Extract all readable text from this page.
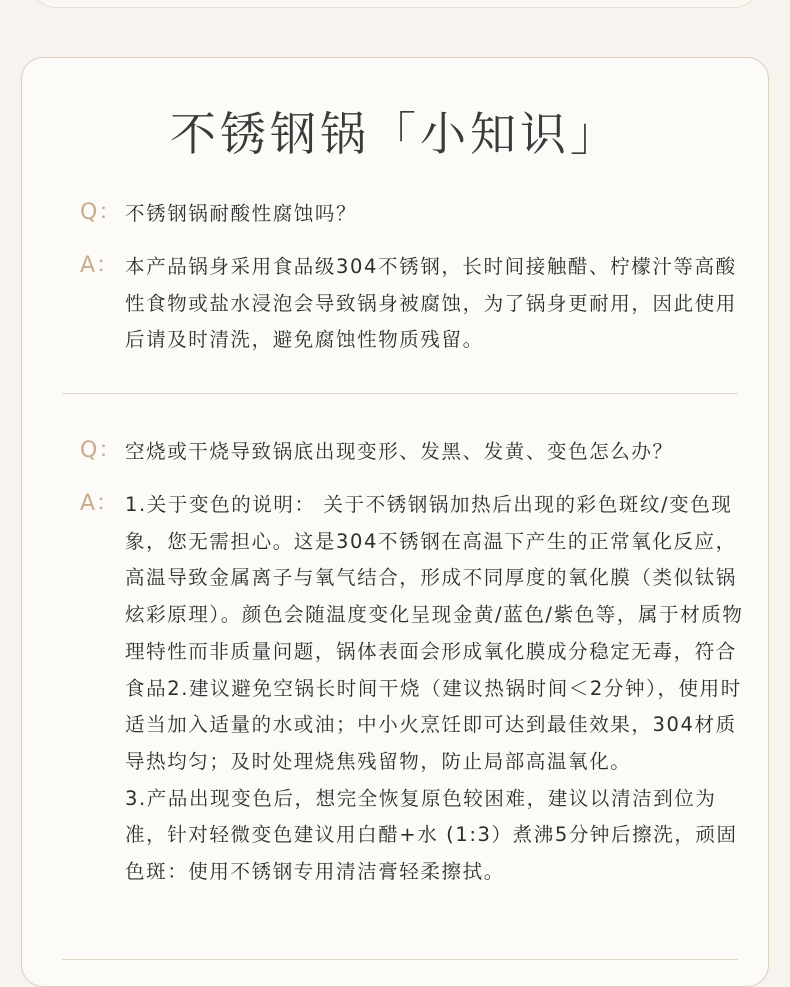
不锈钢锅「小知识」
Q： 不锈钢锅耐酸性腐蚀吗？
A： 本产品锅身采用食品级304不锈钢，长时间接触醋、柠檬汁等高酸性食物或盐水浸泡会导致锅身被腐蚀，为了锅身更耐用，因此使用后请及时清洗，避免腐蚀性物质残留。

Q： 空烧或干烧导致锅底出现变形、发黑、发黄、变色怎么办？
A： 1.关于变色的说明： 关于不锈钢锅加热后出现的彩色斑纹/变色现象，您无需担心。这是304不锈钢在高温下产生的正常氧化反应，高温导致金属离子与氧气结合，形成不同厚度的氧化膜（类似钛锅炫彩原理）。颜色会随温度变化呈现金黄/蓝色/紫色等，属于材质物理特性而非质量问题，锅体表面会形成氧化膜成分稳定无毒，符合食品2.建议避免空锅长时间干烧（建议热锅时间＜2分钟），使用时适当加入适量的水或油；中小火烹饪即可达到最佳效果，304材质导热均匀；及时处理烧焦残留物，防止局部高温氧化。

3.产品出现变色后，想完全恢复原色较困难，建议以清洁到位为准，针对轻微变色建议用白醋+水 (1:3）煮沸5分钟后擦洗，顽固色斑：使用不锈钢专用清洁膏轻柔擦拭。
